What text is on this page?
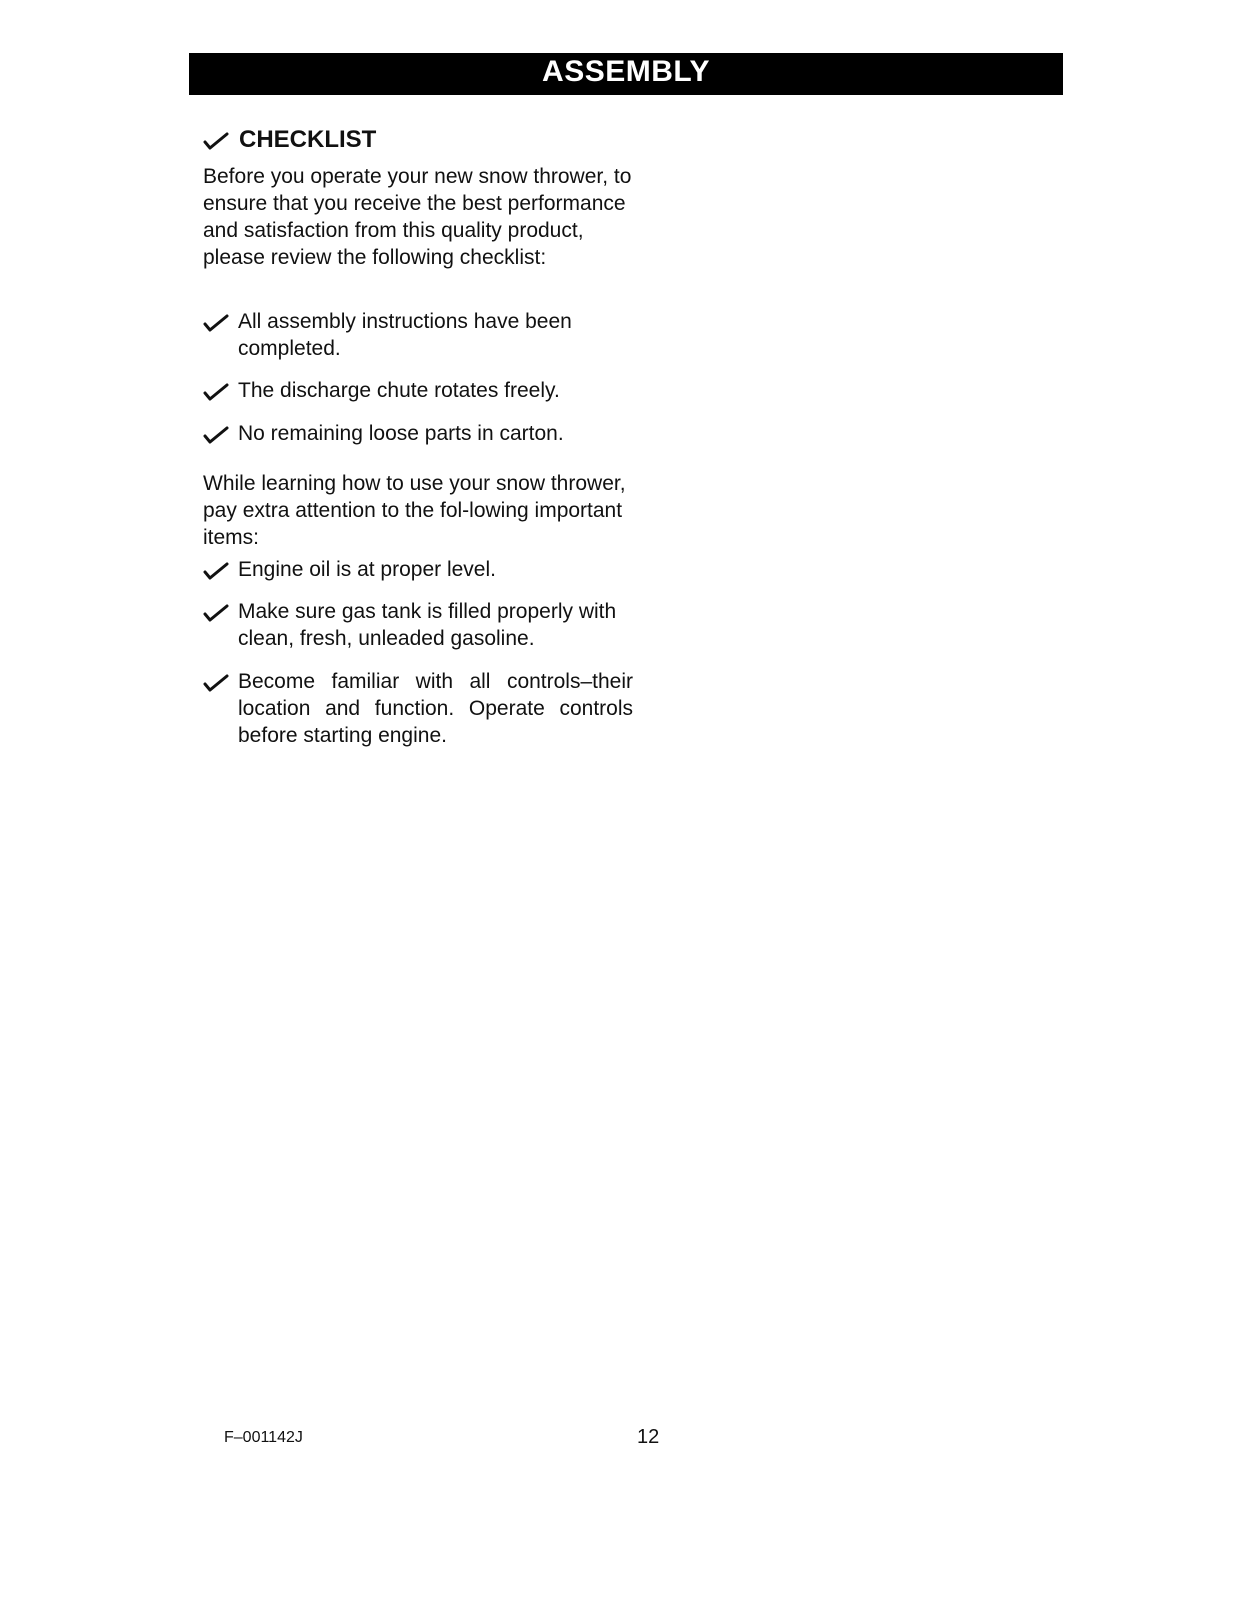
ASSEMBLY
CHECKLIST
Before you operate your new snow thrower, to ensure that you receive the best performance and satisfaction from this quality product, please review the following checklist:
All assembly instructions have been completed.
The discharge chute rotates freely.
No remaining loose parts in carton.
While learning how to use your snow thrower, pay extra attention to the fol-lowing important items:
Engine oil is at proper level.
Make sure gas tank is filled properly with clean, fresh, unleaded gasoline.
Become familiar with all controls–their location and function. Operate controls before starting engine.
F–001142J	12
